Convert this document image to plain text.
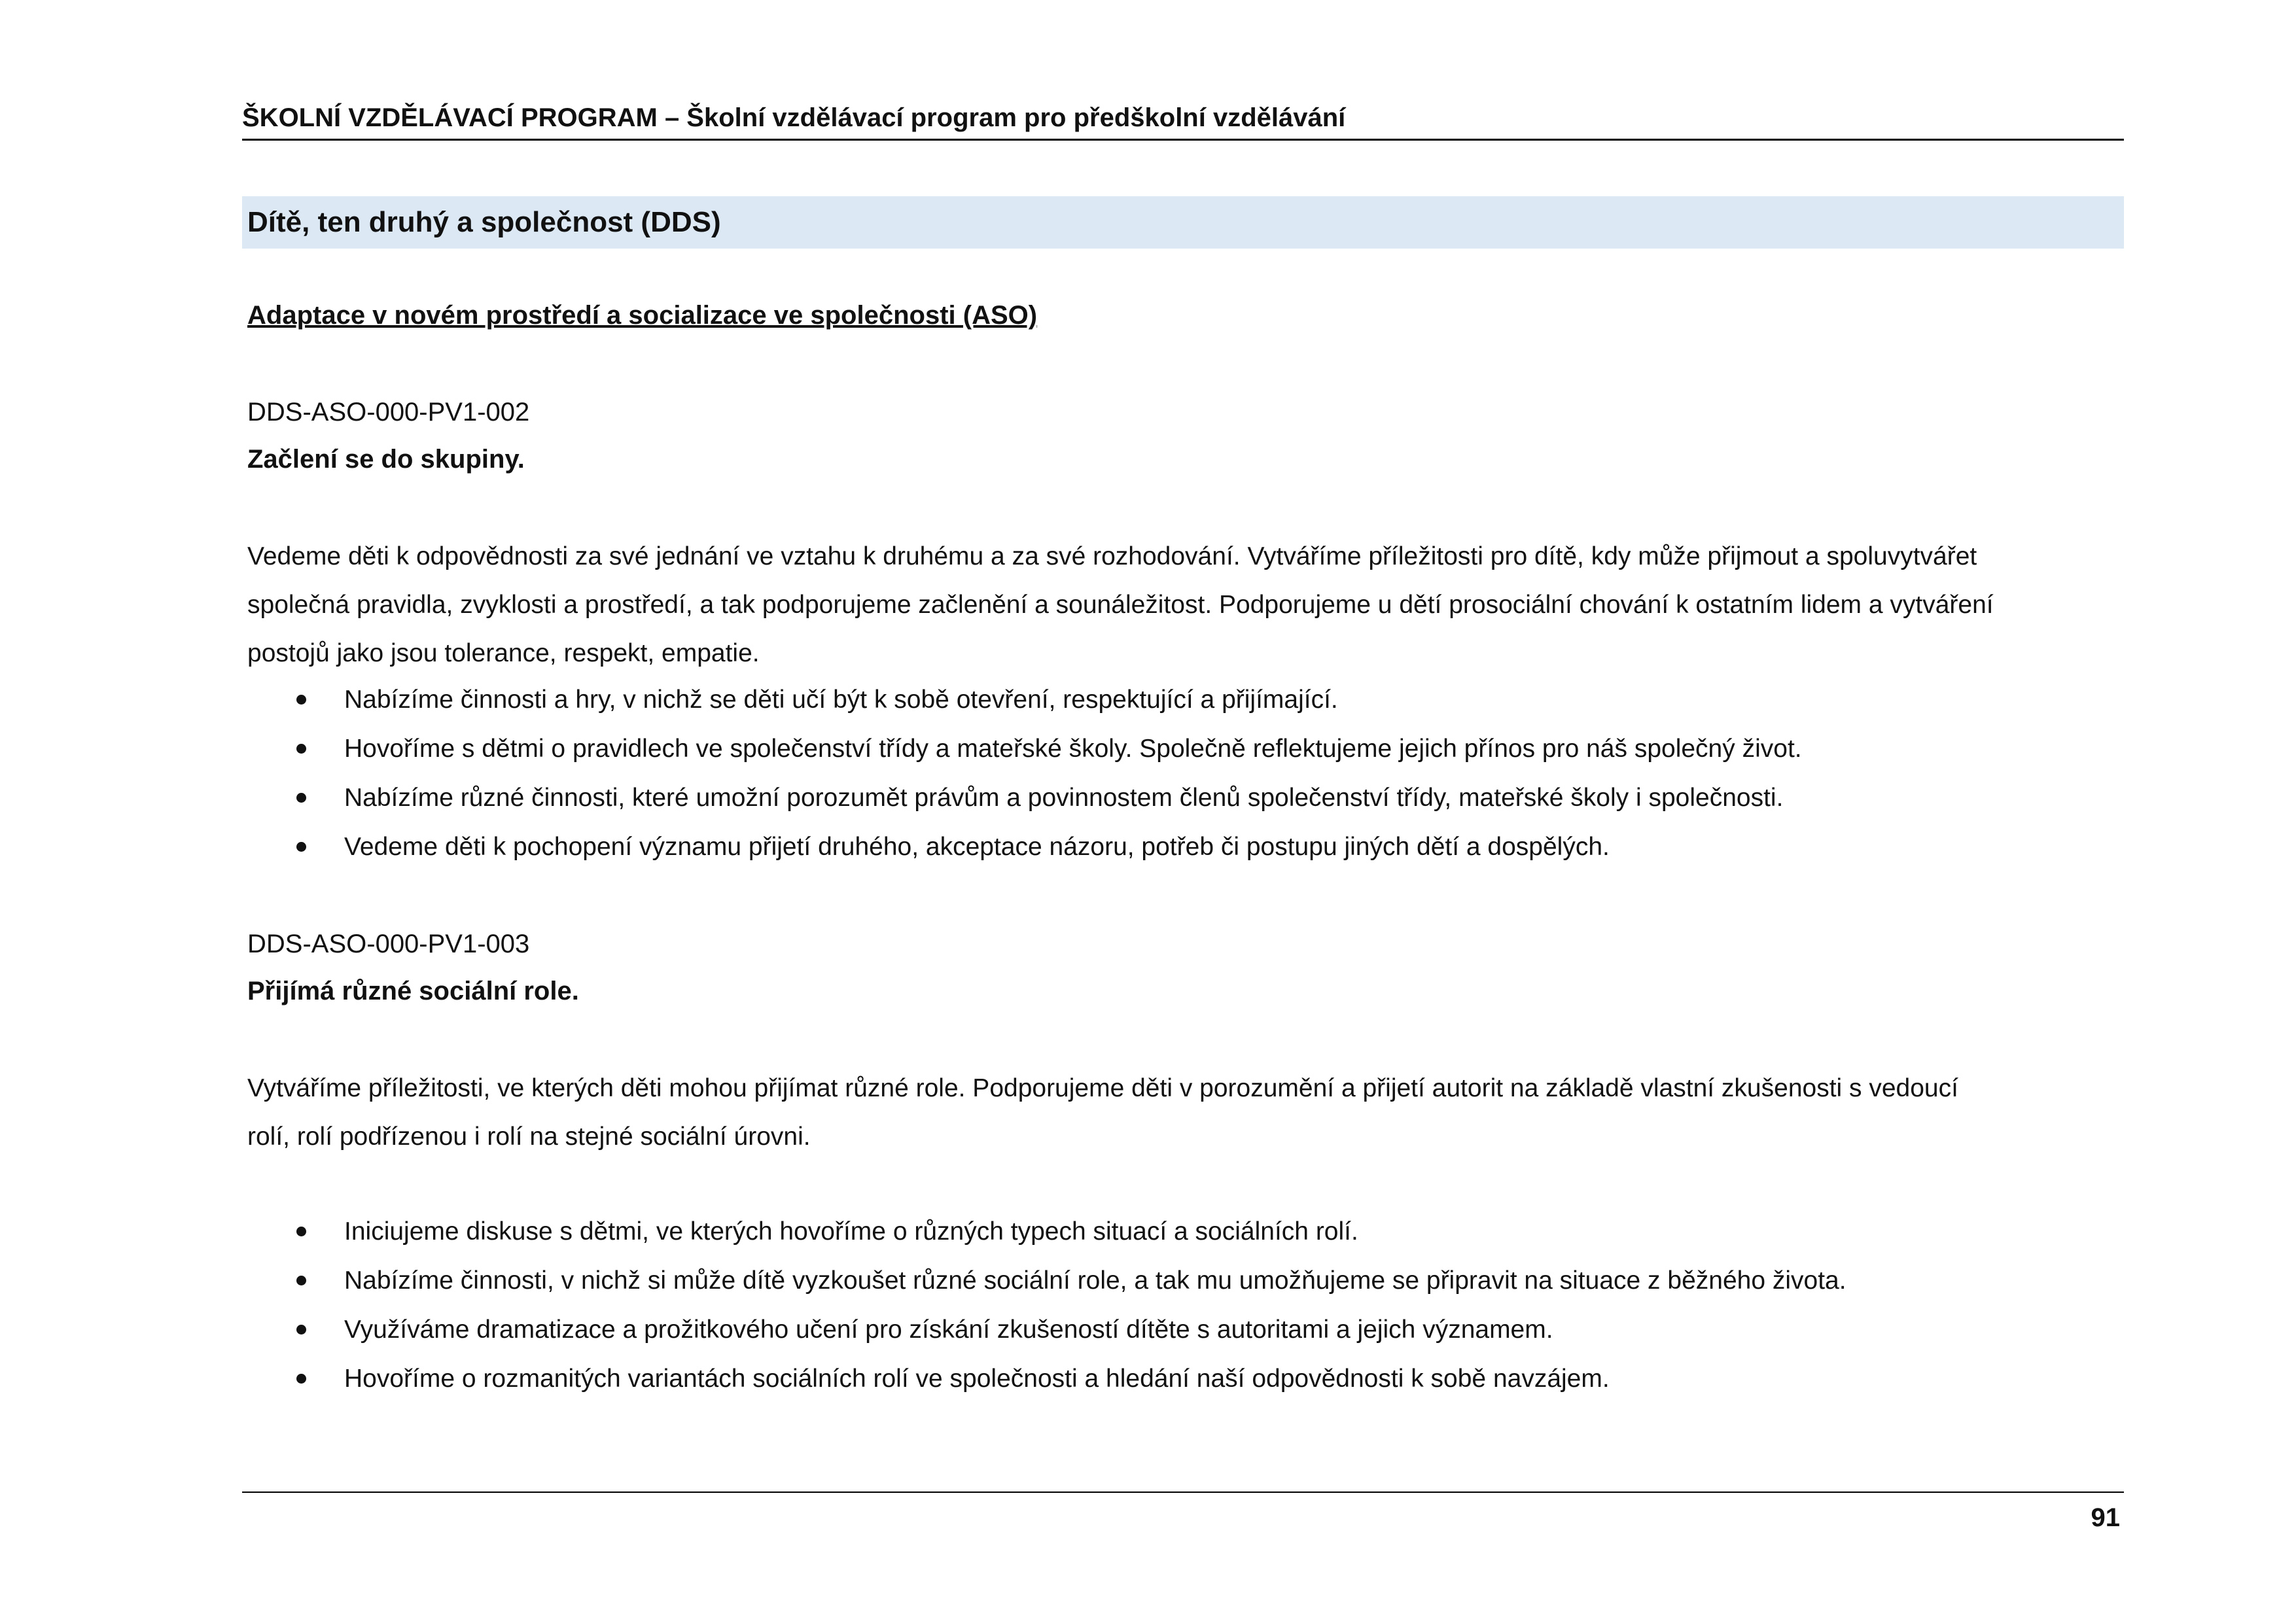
ŠKOLNÍ VZDĚLÁVACÍ PROGRAM – Školní vzdělávací program pro předškolní vzdělávání
Dítě, ten druhý a společnost (DDS)
Adaptace v novém prostředí a socializace ve společnosti (ASO)
DDS-ASO-000-PV1-002
Začlení se do skupiny.
Vedeme děti k odpovědnosti za své jednání ve vztahu k druhému a za své rozhodování. Vytváříme příležitosti pro dítě, kdy může přijmout a spoluvytvářet
společná pravidla, zvyklosti a prostředí, a tak podporujeme začlenění a sounáležitost. Podporujeme u dětí prosociální chování k ostatním lidem a vytváření
postojů jako jsou tolerance, respekt, empatie.
Nabízíme činnosti a hry, v nichž se děti učí být k sobě otevření, respektující a přijímající.
Hovoříme s dětmi o pravidlech ve společenství třídy a mateřské školy. Společně reflektujeme jejich přínos pro náš společný život.
Nabízíme různé činnosti, které umožní porozumět právům a povinnostem členů společenství třídy, mateřské školy i společnosti.
Vedeme děti k pochopení významu přijetí druhého, akceptace názoru, potřeb či postupu jiných dětí a dospělých.
DDS-ASO-000-PV1-003
Přijímá různé sociální role.
Vytváříme příležitosti, ve kterých děti mohou přijímat různé role. Podporujeme děti v porozumění a přijetí autorit na základě vlastní zkušenosti s vedoucí
rolí, rolí podřízenou i rolí na stejné sociální úrovni.
Iniciujeme diskuse s dětmi, ve kterých hovoříme o různých typech situací a sociálních rolí.
Nabízíme činnosti, v nichž si může dítě vyzkoušet různé sociální role, a tak mu umožňujeme se připravit na situace z běžného života.
Využíváme dramatizace a prožitkového učení pro získání zkušeností dítěte s autoritami a jejich významem.
Hovoříme o rozmanitých variantách sociálních rolí ve společnosti a hledání naší odpovědnosti k sobě navzájem.
91
